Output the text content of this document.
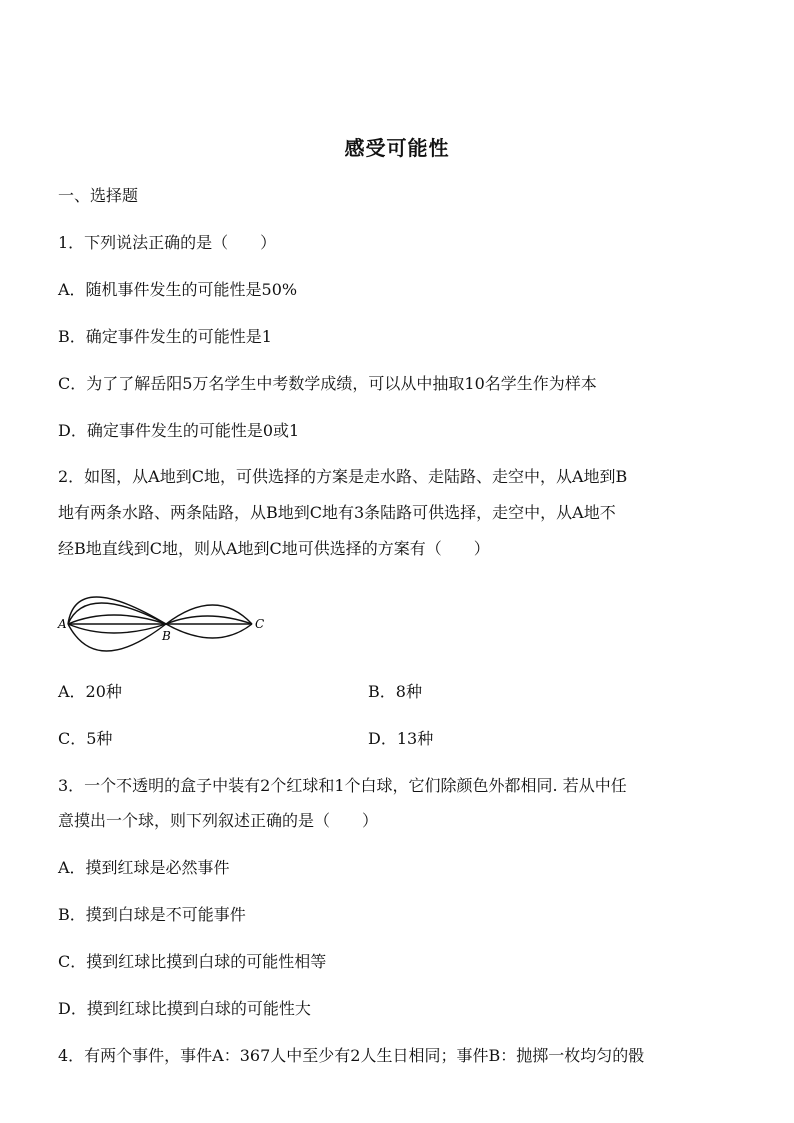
感受可能性
一、选择题
1．下列说法正确的是（　　）
A．随机事件发生的可能性是50%
B．确定事件发生的可能性是1
C．为了了解岳阳5万名学生中考数学成绩，可以从中抽取10名学生作为样本
D．确定事件发生的可能性是0或1
2．如图，从A地到C地，可供选择的方案是走水路、走陆路、走空中，从A地到B
地有两条水路、两条陆路，从B地到C地有3条陆路可供选择，走空中，从A地不
经B地直线到C地，则从A地到C地可供选择的方案有（　　）
A
B
C
A．20种	B．8种
C．5种	D．13种
3．一个不透明的盒子中装有2个红球和1个白球，它们除颜色外都相同. 若从中任
意摸出一个球，则下列叙述正确的是（　　）
A．摸到红球是必然事件
B．摸到白球是不可能事件
C．摸到红球比摸到白球的可能性相等
D．摸到红球比摸到白球的可能性大
4．有两个事件，事件A：367人中至少有2人生日相同；事件B：抛掷一枚均匀的骰
